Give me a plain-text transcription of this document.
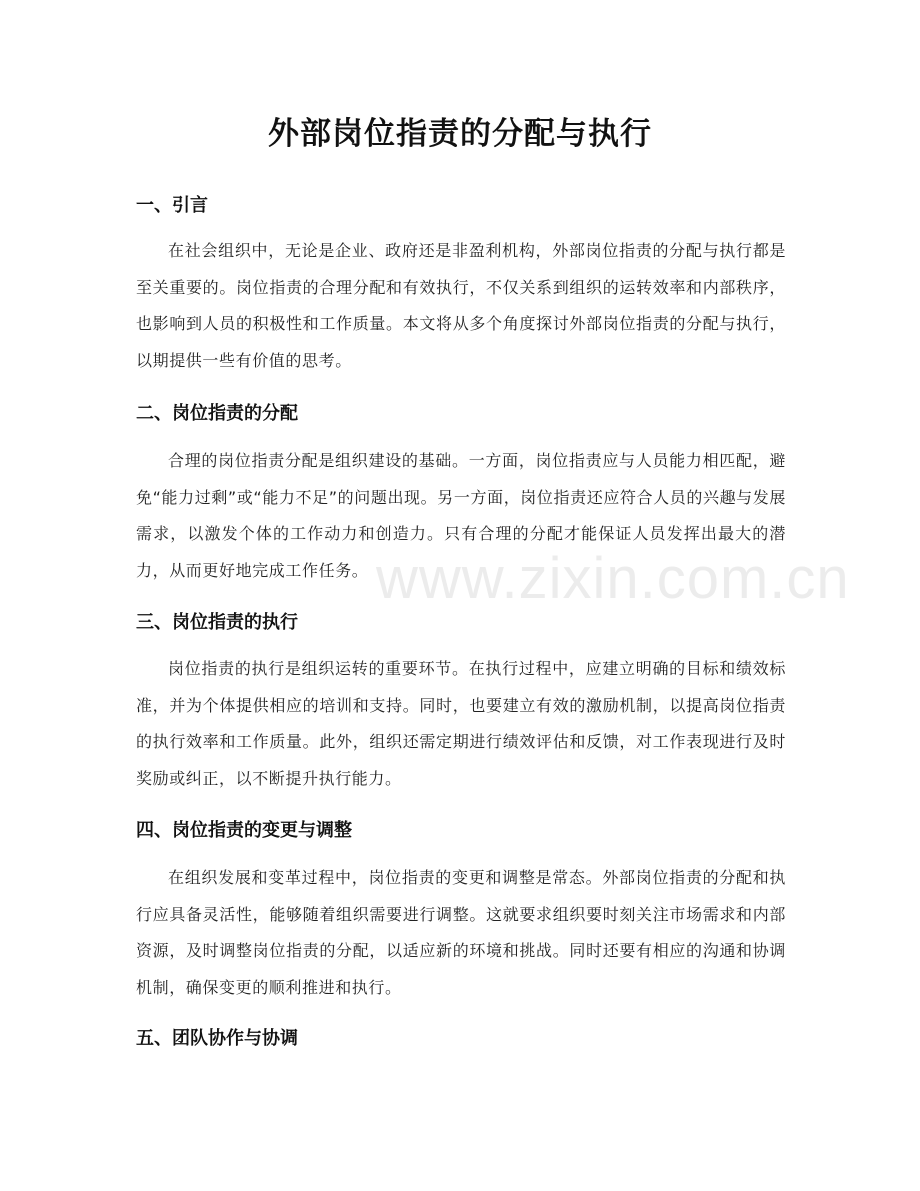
www.zixin.com.cn
外部岗位指责的分配与执行
一、引言

在社会组织中，无论是企业、政府还是非盈利机构，外部岗位指责的分配与执行都是至关重要的。岗位指责的合理分配和有效执行，不仅关系到组织的运转效率和内部秩序，也影响到人员的积极性和工作质量。本文将从多个角度探讨外部岗位指责的分配与执行，以期提供一些有价值的思考。

二、岗位指责的分配

合理的岗位指责分配是组织建设的基础。一方面，岗位指责应与人员能力相匹配，避免“能力过剩”或“能力不足”的问题出现。另一方面，岗位指责还应符合人员的兴趣与发展需求，以激发个体的工作动力和创造力。只有合理的分配才能保证人员发挥出最大的潜力，从而更好地完成工作任务。

三、岗位指责的执行

岗位指责的执行是组织运转的重要环节。在执行过程中，应建立明确的目标和绩效标准，并为个体提供相应的培训和支持。同时，也要建立有效的激励机制，以提高岗位指责的执行效率和工作质量。此外，组织还需定期进行绩效评估和反馈，对工作表现进行及时奖励或纠正，以不断提升执行能力。

四、岗位指责的变更与调整

在组织发展和变革过程中，岗位指责的变更和调整是常态。外部岗位指责的分配和执行应具备灵活性，能够随着组织需要进行调整。这就要求组织要时刻关注市场需求和内部资源，及时调整岗位指责的分配，以适应新的环境和挑战。同时还要有相应的沟通和协调机制，确保变更的顺利推进和执行。

五、团队协作与协调
